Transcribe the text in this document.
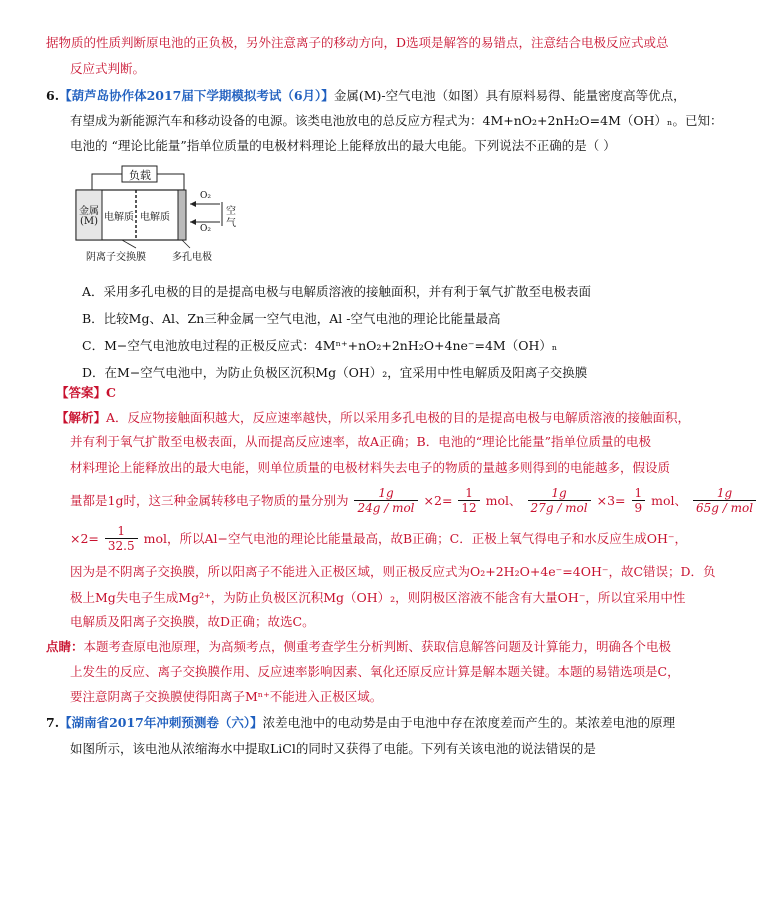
据物质的性质判断原电池的正负极，另外注意离子的移动方向，D选项是解答的易错点，注意结合电极反应式或总
反应式判断。
6.【葫芦岛协作体2017届下学期模拟考试（6月）】金属(M)-空气电池（如图）具有原料易得、能量密度高等优点，
有望成为新能源汽车和移动设备的电源。该类电池放电的总反应方程式为：4M+nO₂+2nH₂O=4M（OH）ₙ。已知：
电池的 “理论比能量”指单位质量的电极材料理论上能释放出的最大电能。下列说法不正确的是（ ）
负载
金属
(M) 电解质 电解质
O₂
O₂
空
气
阴离子交换膜	多孔电极
A．采用多孔电极的目的是提高电极与电解质溶液的接触面积，并有利于氧气扩散至电极表面
B．比较Mg、Al、Zn三种金属一空气电池，Al -空气电池的理论比能量最高
C．M−空气电池放电过程的正极反应式：4Mⁿ⁺+nO₂+2nH₂O+4ne⁻=4M（OH）ₙ
D．在M−空气电池中，为防止负极区沉积Mg（OH）₂，宜采用中性电解质及阳离子交换膜
【答案】C
【解析】A．反应物接触面积越大，反应速率越快，所以采用多孔电极的目的是提高电极与电解质溶液的接触面积，
并有利于氧气扩散至电极表面，从而提高反应速率，故A正确；B．电池的“理论比能量”指单位质量的电极
材料理论上能释放出的最大电能，则单位质量的电极材料失去电子的物质的量越多则得到的电能越多，假设质
量都是1g时，这三种金属转移电子物质的量分别为 $\frac{1g}{\text{24g / mol}} \times 2= \frac{1}{12}$ mol、 $\frac{1g}{\text{27g / mol}} \times 3= \frac{1}{9}$ mol、 $\frac{1g}{\text{65g / mol}}$
$\times 2= \frac{1}{32.5}$ mol，所以Al−空气电池的理论比能量最高，故B正确；C．正极上氧气得电子和水反应生成OH⁻，
因为是不阴离子交换膜，所以阳离子不能进入正极区域，则正极反应式为O₂+2H₂O+4e⁻=4OH⁻，故C错误；D．负
极上Mg失电子生成Mg²⁺，为防止负极区沉积Mg（OH）₂，则阴极区溶液不能含有大量OH⁻，所以宜采用中性
电解质及阳离子交换膜，故D正确；故选C。
点睛：本题考查原电池原理，为高频考点，侧重考查学生分析判断、获取信息解答问题及计算能力，明确各个电极
上发生的反应、离子交换膜作用、反应速率影响因素、氧化还原反应计算是解本题关键。本题的易错选项是C，
要注意阴离子交换膜使得阳离子Mⁿ⁺不能进入正极区域。
7.【湖南省2017年冲刺预测卷（六）】浓差电池中的电动势是由于电池中存在浓度差而产生的。某浓差电池的原理
如图所示，该电池从浓缩海水中提取LiCl的同时又获得了电能。下列有关该电池的说法错误的是
